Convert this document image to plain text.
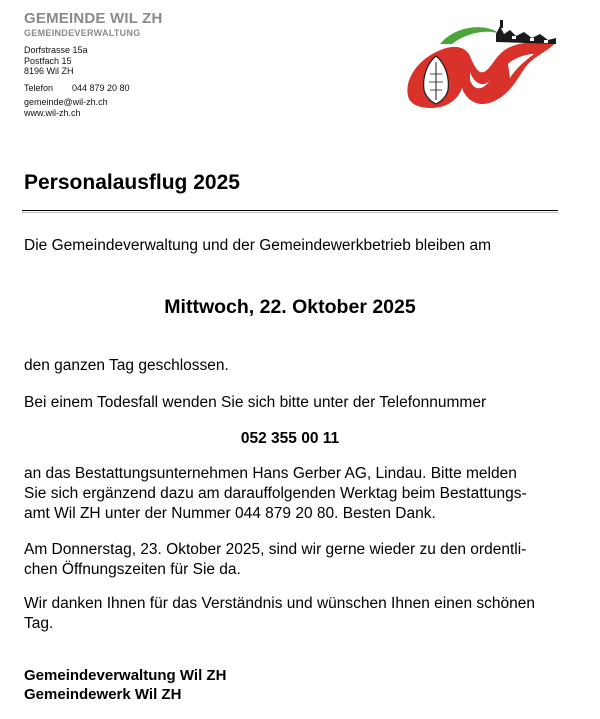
GEMEINDE WIL ZH
GEMEINDEVERWALTUNG
Dorfstrasse 15a
Postfach 15
8196 Wil ZH
Telefon 044 879 20 80
gemeinde@wil-zh.ch
www.wil-zh.ch
Personalausflug 2025
Die Gemeindeverwaltung und der Gemeindewerkbetrieb bleiben am
Mittwoch, 22. Oktober 2025
den ganzen Tag geschlossen.
Bei einem Todesfall wenden Sie sich bitte unter der Telefonnummer
052 355 00 11
an das Bestattungsunternehmen Hans Gerber AG, Lindau. Bitte melden
Sie sich ergänzend dazu am darauffolgenden Werktag beim Bestattungs-
amt Wil ZH unter der Nummer 044 879 20 80. Besten Dank.
Am Donnerstag, 23. Oktober 2025, sind wir gerne wieder zu den ordentli-
chen Öffnungszeiten für Sie da.
Wir danken Ihnen für das Verständnis und wünschen Ihnen einen schönen
Tag.
Gemeindeverwaltung Wil ZH
Gemeindewerk Wil ZH
